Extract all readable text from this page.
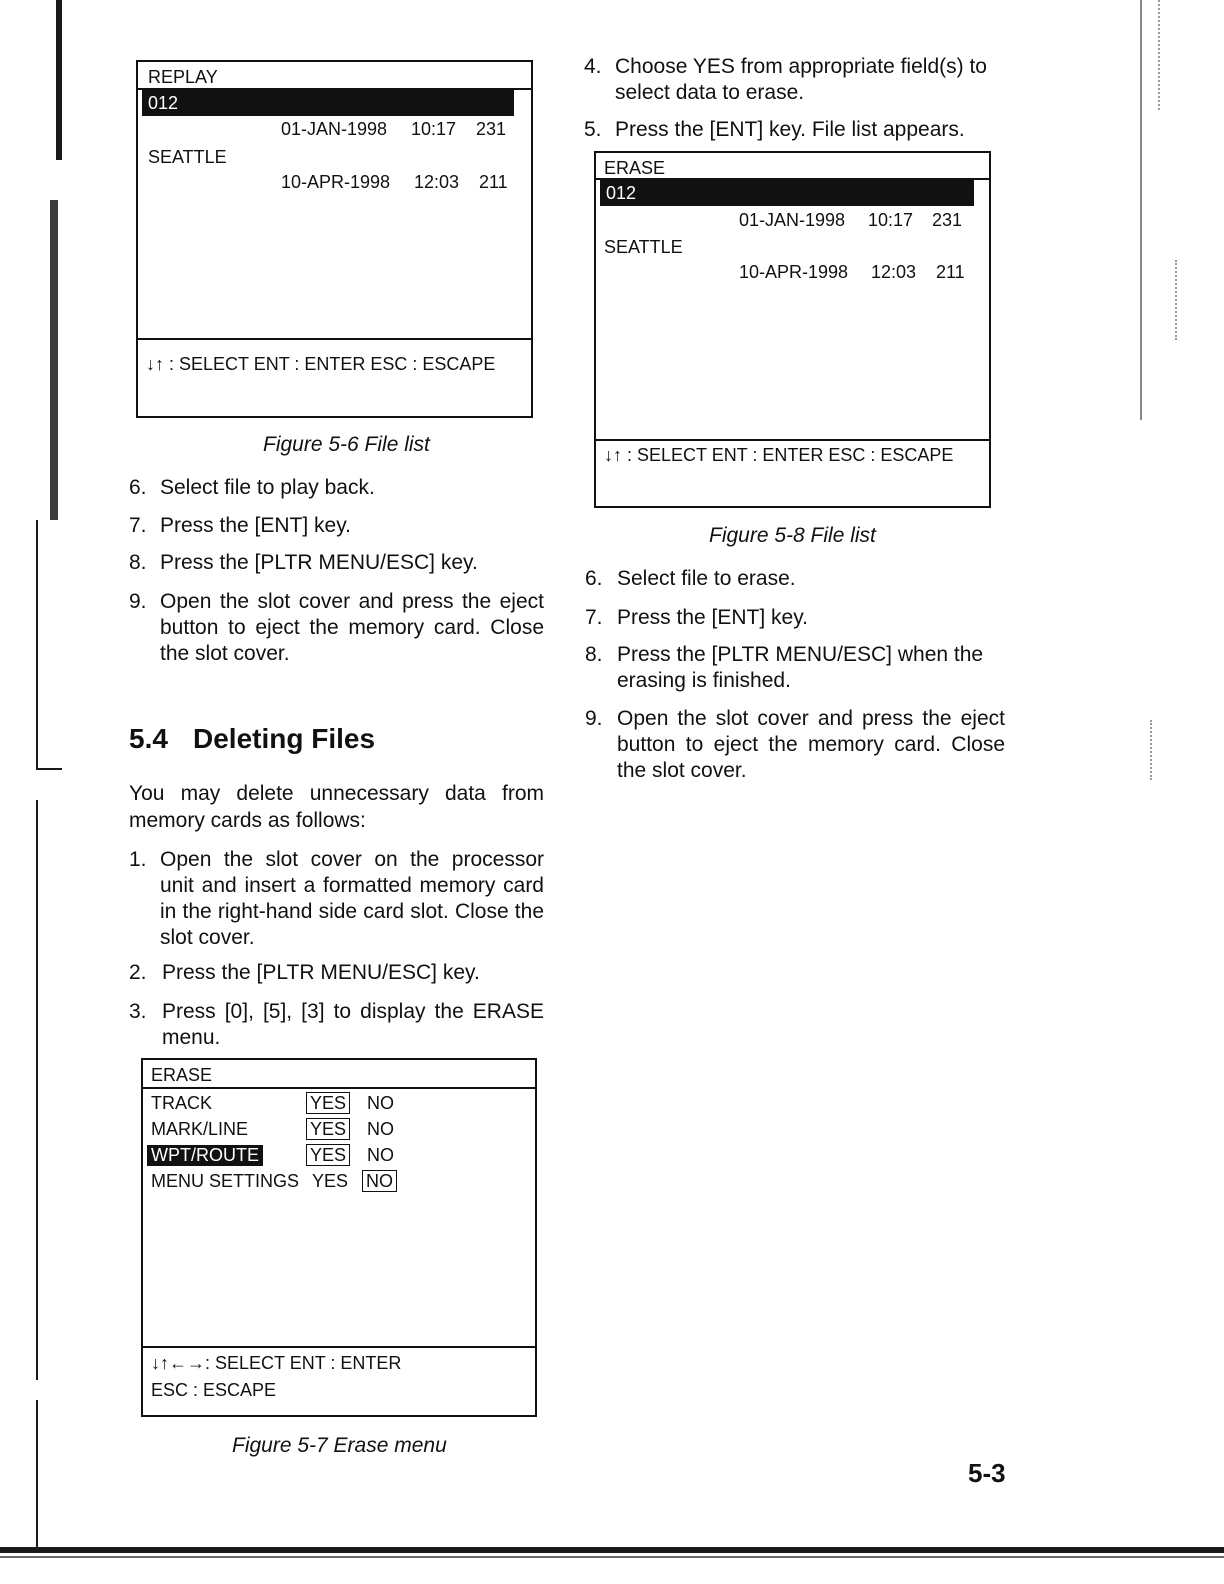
REPLAY
012
01-JAN-1998 10:17 231
SEATTLE
10-APR-1998 12:03 211
↓↑ : SELECT ENT : ENTER ESC : ESCAPE
Figure 5-6 File list
6. Select file to play back.
7. Press the [ENT] key.
8. Press the [PLTR MENU/ESC] key.
9. Open the slot cover and press the eject button to eject the memory card. Close the slot cover.
5.4 Deleting Files
You may delete unnecessary data from memory cards as follows:
1. Open the slot cover on the processor unit and insert a formatted memory card in the right-hand side card slot. Close the slot cover.
2. Press the [PLTR MENU/ESC] key.
3. Press [0], [5], [3] to display the ERASE menu.
ERASE
TRACK	YES NO
MARK/LINE	YES NO
WPT/ROUTE	YES NO
MENU SETTINGS YES NO
↓↑←→: SELECT ENT : ENTER
ESC : ESCAPE
Figure 5-7 Erase menu
4. Choose YES from appropriate field(s) to select data to erase.
5. Press the [ENT] key. File list appears.
ERASE
012
01-JAN-1998 10:17 231
SEATTLE
10-APR-1998 12:03 211
↓↑ : SELECT ENT : ENTER ESC : ESCAPE
Figure 5-8 File list
6. Select file to erase.
7. Press the [ENT] key.
8. Press the [PLTR MENU/ESC] when the erasing is finished.
9. Open the slot cover and press the eject button to eject the memory card. Close the slot cover.
5-3
